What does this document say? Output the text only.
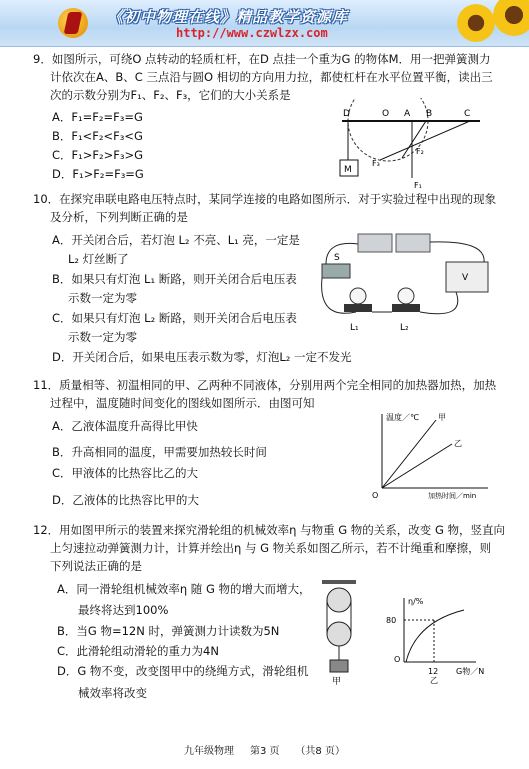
《初中物理在线》精品教学资源库
http://www.czwlzx.com
9．如图所示，可绕O 点转动的轻质杠杆，在D 点挂一个重为G 的物体M．用一把弹簧测力
计依次在A、B、C 三点沿与圆O 相切的方向用力拉，都使杠杆在水平位置平衡，读出三
次的示数分别为F₁、F₂、F₃，它们的大小关系是
A．F₁=F₂=F₃=G
B．F₁<F₂<F₃<G
C．F₁>F₂>F₃>G
D．F₁>F₂=F₃=G	M
D	O A B	C
F₁
F₂
F₃
10．在探究串联电路电压特点时，某同学连接的电路如图所示．对于实验过程中出现的现象
及分析，下列判断正确的是
A．开关闭合后，若灯泡 L₂ 不亮、L₁ 亮，一定是
L₂ 灯丝断了
B．如果只有灯泡 L₁ 断路，则开关闭合后电压表
示数一定为零
C．如果只有灯泡 L₂ 断路，则开关闭合后电压表
示数一定为零
D．开关闭合后，如果电压表示数为零，灯泡L₂ 一定不发光
S
V
L₁	L₂
11．质量相等、初温相同的甲、乙两种不同液体，分别用两个完全相同的加热器加热，加热
过程中，温度随时间变化的图线如图所示．由图可知
A．乙液体温度升高得比甲快
B．升高相同的温度，甲需要加热较长时间
C．甲液体的比热容比乙的大
D．乙液体的比热容比甲的大
温度／℃ 甲
乙
O	加热时间／min
12．用如图甲所示的装置来探究滑轮组的机械效率η 与物重 G 物的关系，改变 G 物，竖直向
上匀速拉动弹簧测力计，计算并绘出η 与 G 物关系如图乙所示，若不计绳重和摩擦，则
下列说法正确的是
A．同一滑轮组机械效率η 随 G 物的增大而增大，
最终将达到100%
B．当G 物=12N 时，弹簧测力计读数为5N
C．此滑轮组动滑轮的重力为4N
D．G 物不变，改变图甲中的绕绳方式，滑轮组机
械效率将改变
甲
η/%
80
O
12 G物／N
乙
九年级物理 第3 页 （共8 页）
